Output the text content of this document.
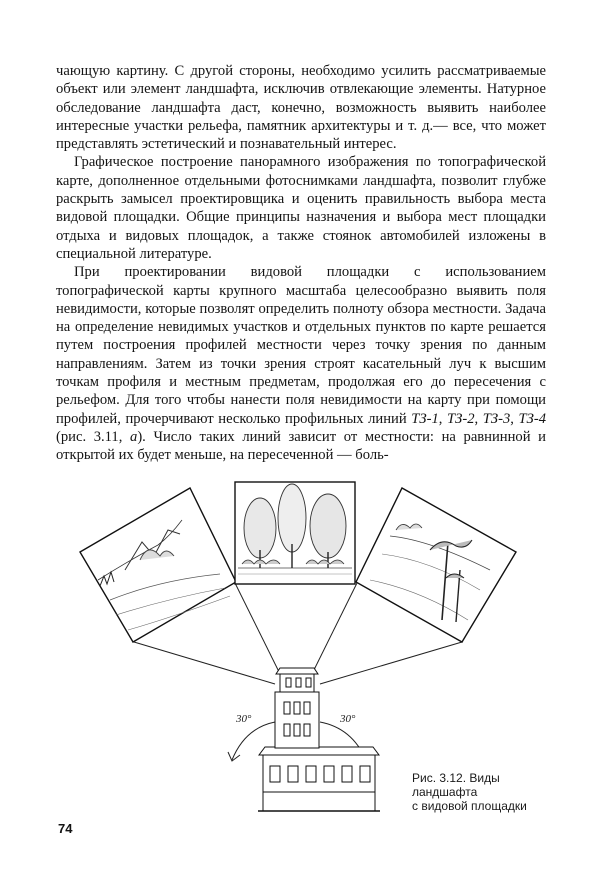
чающую картину. С другой стороны, необходимо усилить рассматриваемые объект или элемент ландшафта, исключив отвлекающие элементы. Натурное обследование ландшафта даст, конечно, возможность выявить наиболее интересные участки рельефа, памятник архитектуры и т. д.— все, что может представлять эстетический и познавательный интерес.

Графическое построение панорамного изображения по топографической карте, дополненное отдельными фотоснимками ландшафта, позволит глубже раскрыть замысел проектировщика и оценить правильность выбора места видовой площадки. Общие принципы назначения и выбора мест площадки отдыха и видовых площадок, а также стоянок автомобилей изложены в специальной литературе.

При проектировании видовой площадки с использованием топографической карты крупного масштаба целесообразно выявить поля невидимости, которые позволят определить полноту обзора местности. Задача на определение невидимых участков и отдельных пунктов по карте решается путем построения профилей местности через точку зрения по данным направлениям. Затем из точки зрения строят касательный луч к высшим точкам профиля и местным предметам, продолжая его до пересечения с рельефом. Для того чтобы нанести поля невидимости на карту при помощи профилей, прочерчивают несколько профильных линий ТЗ-1, ТЗ-2, ТЗ-3, ТЗ-4 (рис. 3.11, а). Число таких линий зависит от местности: на равнинной и открытой их будет меньше, на пересеченной — боль-

30°	30°
Рис. 3.12. Виды
ландшафта
с видовой площадки
74
